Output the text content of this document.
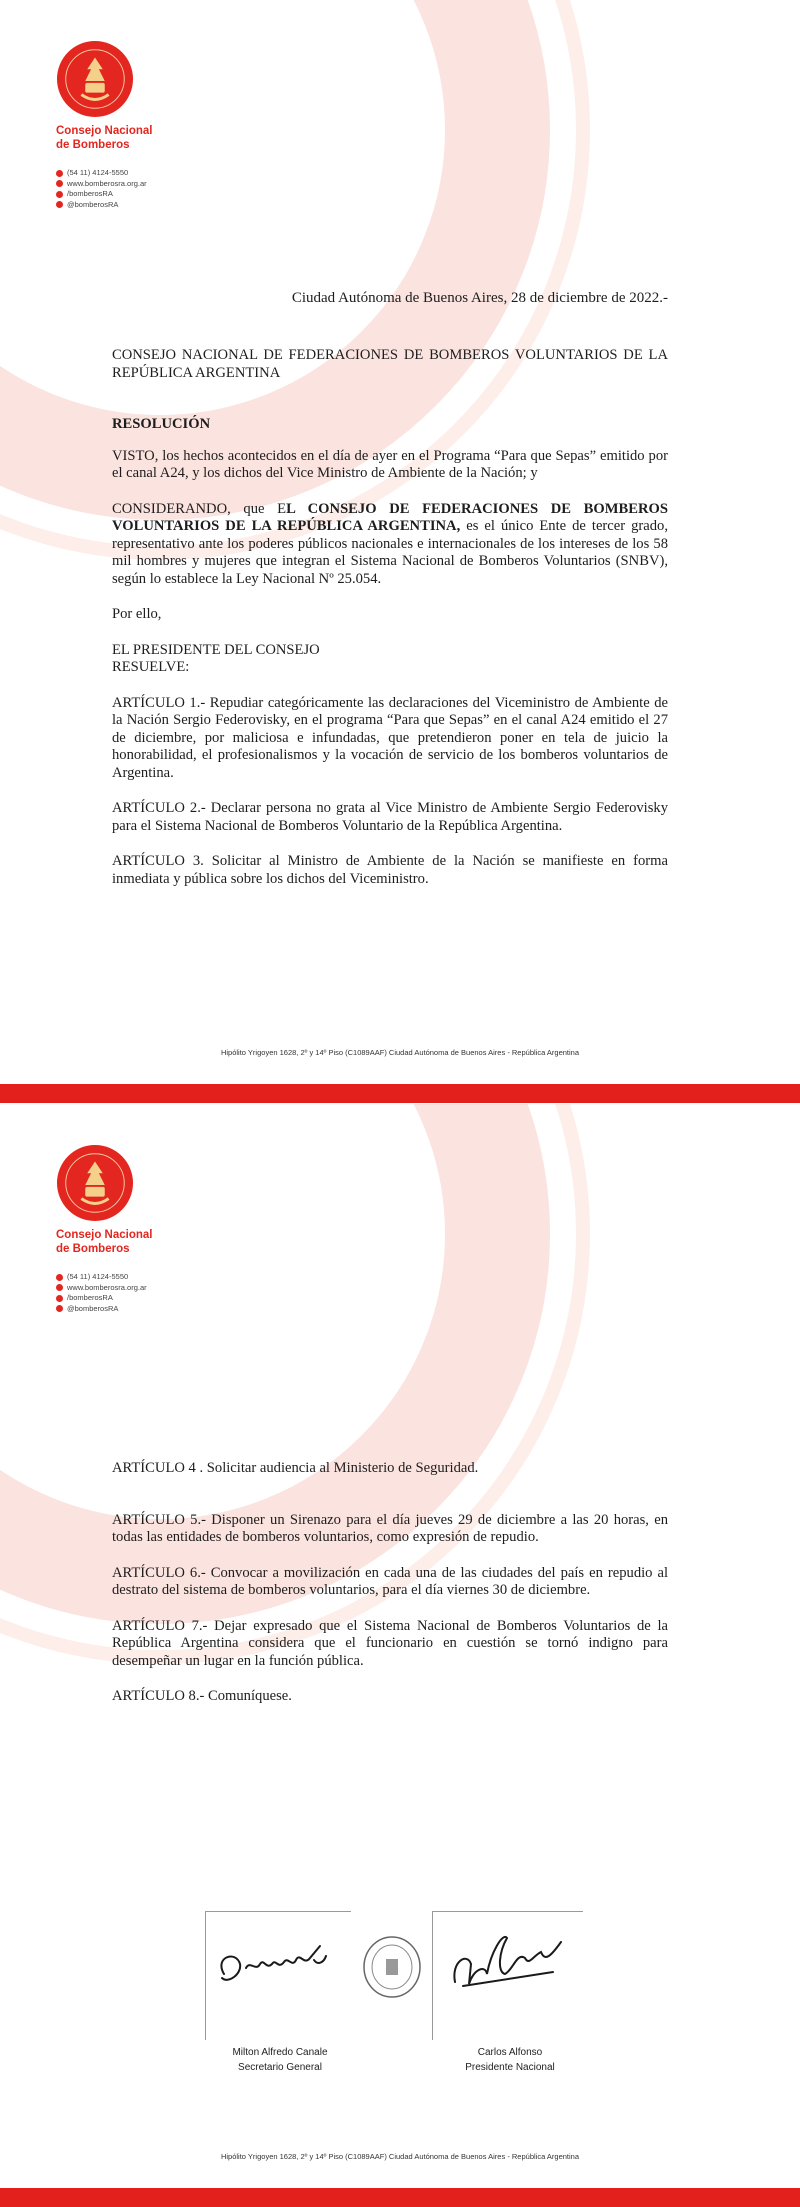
Consejo Nacional
de Bomberos
(54 11) 4124-5550
www.bomberosra.org.ar
/bomberosRA
@bomberosRA
Ciudad Autónoma de Buenos Aires, 28 de diciembre de 2022.-

CONSEJO NACIONAL DE FEDERACIONES DE BOMBEROS VOLUNTARIOS DE LA REPÚBLICA ARGENTINA

RESOLUCIÓN

VISTO, los hechos acontecidos en el día de ayer en el Programa “Para que Sepas” emitido por el canal A24, y los dichos del Vice Ministro de Ambiente de la Nación; y

CONSIDERANDO, que EL CONSEJO DE FEDERACIONES DE BOMBEROS VOLUNTARIOS DE LA REPÚBLICA ARGENTINA, es el único Ente de tercer grado, representativo ante los poderes públicos nacionales e internacionales de los intereses de los 58 mil hombres y mujeres que integran el Sistema Nacional de Bomberos Voluntarios (SNBV), según lo establece la Ley Nacional Nº 25.054.

Por ello,

EL PRESIDENTE DEL CONSEJO
RESUELVE:

ARTÍCULO 1.- Repudiar categóricamente las declaraciones del Viceministro de Ambiente de la Nación Sergio Federovisky, en el programa “Para que Sepas” en el canal A24 emitido el 27 de diciembre, por maliciosa e infundadas, que pretendieron poner en tela de juicio la honorabilidad, el profesionalismos y la vocación de servicio de los bomberos voluntarios de Argentina.

ARTÍCULO 2.- Declarar persona no grata al Vice Ministro de Ambiente Sergio Federovisky para el Sistema Nacional de Bomberos Voluntario de la República Argentina.

ARTÍCULO 3. Solicitar al Ministro de Ambiente de la Nación se manifieste en forma inmediata y pública sobre los dichos del Viceministro.

Hipólito Yrigoyen 1628, 2º y 14º Piso (C1089AAF) Ciudad Autónoma de Buenos Aires - República Argentina
Consejo Nacional
de Bomberos
(54 11) 4124-5550
www.bomberosra.org.ar
/bomberosRA
@bomberosRA

ARTÍCULO 4 . Solicitar audiencia al Ministerio de Seguridad.

ARTÍCULO 5.- Disponer un Sirenazo para el día jueves 29 de diciembre a las 20 horas, en todas las entidades de bomberos voluntarios, como expresión de repudio.

ARTÍCULO 6.- Convocar a movilización en cada una de las ciudades del país en repudio al destrato del sistema de bomberos voluntarios, para el día viernes 30 de diciembre.

ARTÍCULO 7.- Dejar expresado que el Sistema Nacional de Bomberos Voluntarios de la República Argentina considera que el funcionario en cuestión se tornó indigno para desempeñar un lugar en la función pública.

ARTÍCULO 8.- Comuníquese.

Milton Alfredo Canale
Secretario General
Carlos Alfonso
Presidente Nacional
Hipólito Yrigoyen 1628, 2º y 14º Piso (C1089AAF) Ciudad Autónoma de Buenos Aires - República Argentina
